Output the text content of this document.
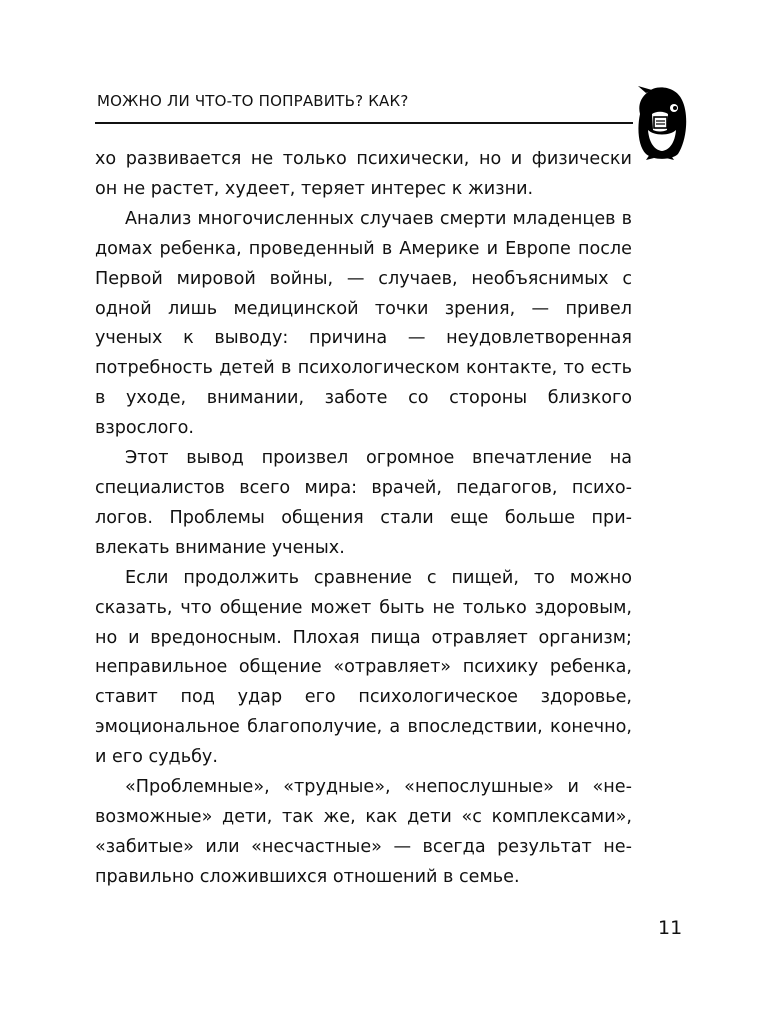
МОЖНО ЛИ ЧТО-ТО ПОПРАВИТЬ? КАК?

хо развивается не только психически, но и физически он не растет, худеет, теряет интерес к жизни.

Анализ многочисленных случаев смерти младенцев в домах ребенка, проведенный в Америке и Европе после Первой мировой войны, — случаев, необъяснимых с одной лишь медицинской точки зрения, — привел ученых к выводу: причина — неудовлетворенная потребность детей в психологическом контакте, то есть в уходе, внимании, заботе со стороны близкого взрослого.

Этот вывод произвел огромное впечатление на специалистов всего мира: врачей, педагогов, психологов. Проблемы общения стали еще больше привлекать внимание ученых.

Если продолжить сравнение с пищей, то можно сказать, что общение может быть не только здоровым, но и вредоносным. Плохая пища отравляет организм; неправильное общение «отравляет» психику ребенка, ставит под удар его психологическое здоровье, эмоциональное благополучие, а впоследствии, конечно, и его судьбу.

«Проблемные», «трудные», «непослушные» и «невозможные» дети, так же, как дети «с комплексами», «забитые» или «несчастные» — всегда результат неправильно сложившихся отношений в семье.

11
